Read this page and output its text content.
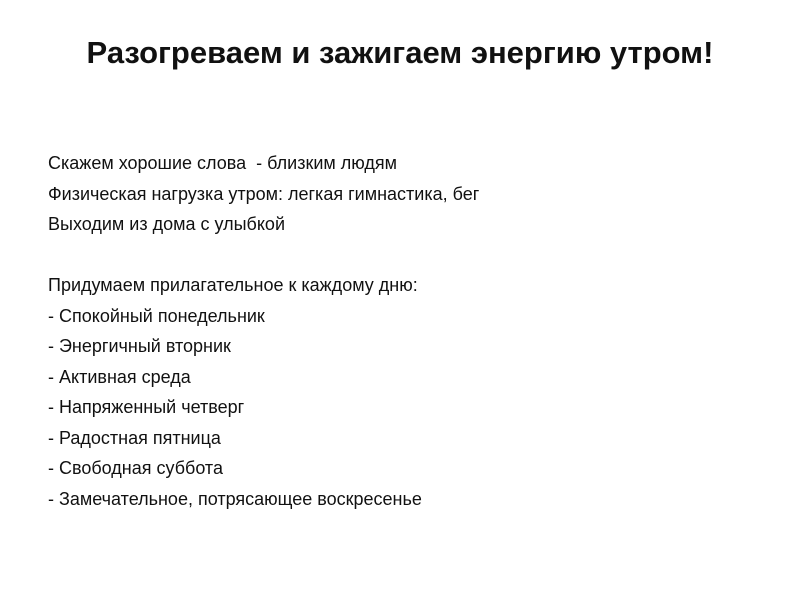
Разогреваем и зажигаем энергию утром!
Скажем хорошие слова  - близким людям
Физическая нагрузка утром: легкая гимнастика, бег
Выходим из дома с улыбкой
Придумаем прилагательное к каждому дню:
- Спокойный понедельник
- Энергичный вторник
- Активная среда
- Напряженный четверг
- Радостная пятница
- Свободная суббота
- Замечательное, потрясающее воскресенье
